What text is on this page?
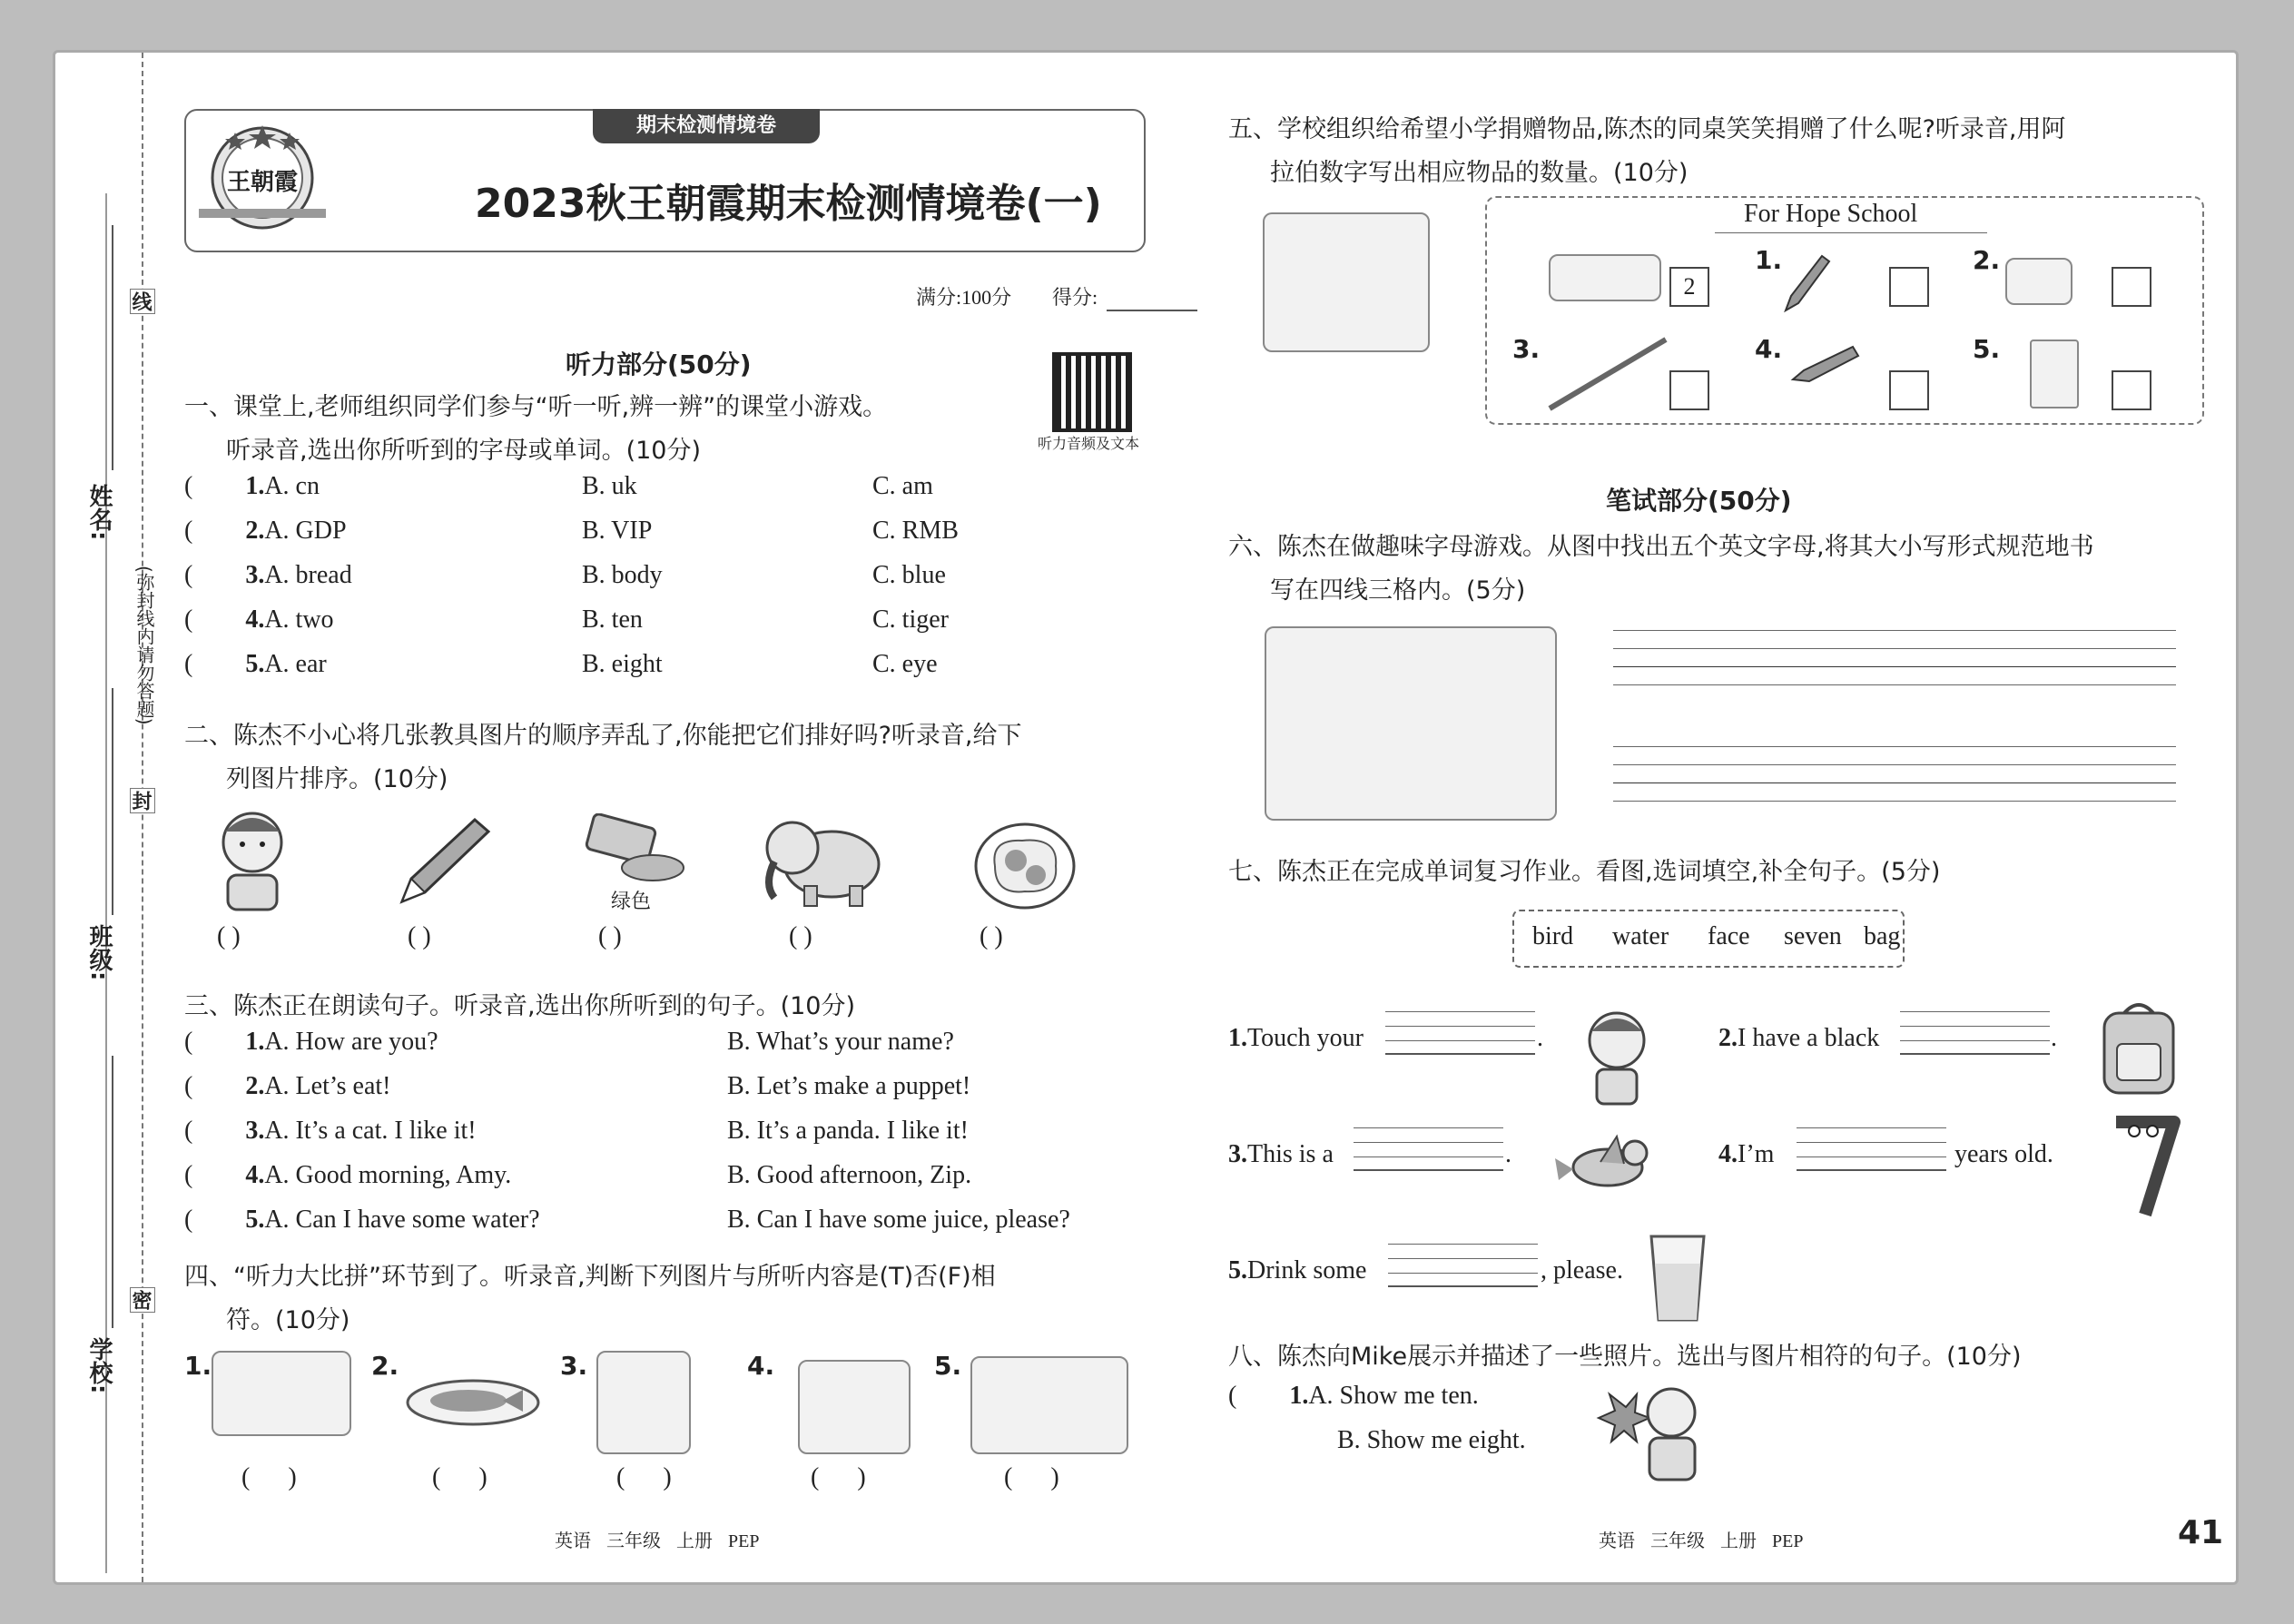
线
封
密
(弥封线内请勿答题)
姓名:
班级:
学校:
期末检测情境卷
王朝霞	2023秋王朝霞期末检测情境卷(一)
满分:100分 得分:
听力部分(50分)
听力音频及文本
一、课堂上,老师组织同学们参与“听一听,辨一辨”的课堂小游戏。
听录音,选出你所听到的字母或单词。(10分)
( 1.A. cn	B. uk	C. am
( 2.A. GDP	B. VIP	C. RMB
( 3.A. bread	B. body	C. blue
( 4.A. two	B. ten	C. tiger
( 5.A. ear	B. eight	C. eye
二、陈杰不小心将几张教具图片的顺序弄乱了,你能把它们排好吗?听录音,给下
列图片排序。(10分)
绿色
( )	( )	( )	( )	( )
三、陈杰正在朗读句子。听录音,选出你所听到的句子。(10分)
( 1.A. How are you?	B. What’s your name?
( 2.A. Let’s eat!	B. Let’s make a puppet!
( 3.A. It’s a cat. I like it!	B. It’s a panda. I like it!
( 4.A. Good morning, Amy.	B. Good afternoon, Zip.
( 5.A. Can I have some water?	B. Can I have some juice, please?
四、“听力大比拼”环节到了。听录音,判断下列图片与所听内容是(T)否(F)相
符。(10分)
1.	2.	3.	4.	5.
(      )	(      )	(      )	(      )	(      )
英语 三年级 上册 PEP
五、学校组织给希望小学捐赠物品,陈杰的同桌笑笑捐赠了什么呢?听录音,用阿
拉伯数字写出相应物品的数量。(10分)
For Hope School
2
1.	2.
3.	4.	5.
笔试部分(50分)
六、陈杰在做趣味字母游戏。从图中找出五个英文字母,将其大小写形式规范地书
写在四线三格内。(5分)
七、陈杰正在完成单词复习作业。看图,选词填空,补全句子。(5分)
bird water face seven bag
1.Touch your	.	2.I have a black	.
3.This is a	.	4.I’m	years old.
5.Drink some	, please.
八、陈杰向Mike展示并描述了一些照片。选出与图片相符的句子。(10分)
( 1.A. Show me ten.
B. Show me eight.
英语 三年级 上册 PEP	41
